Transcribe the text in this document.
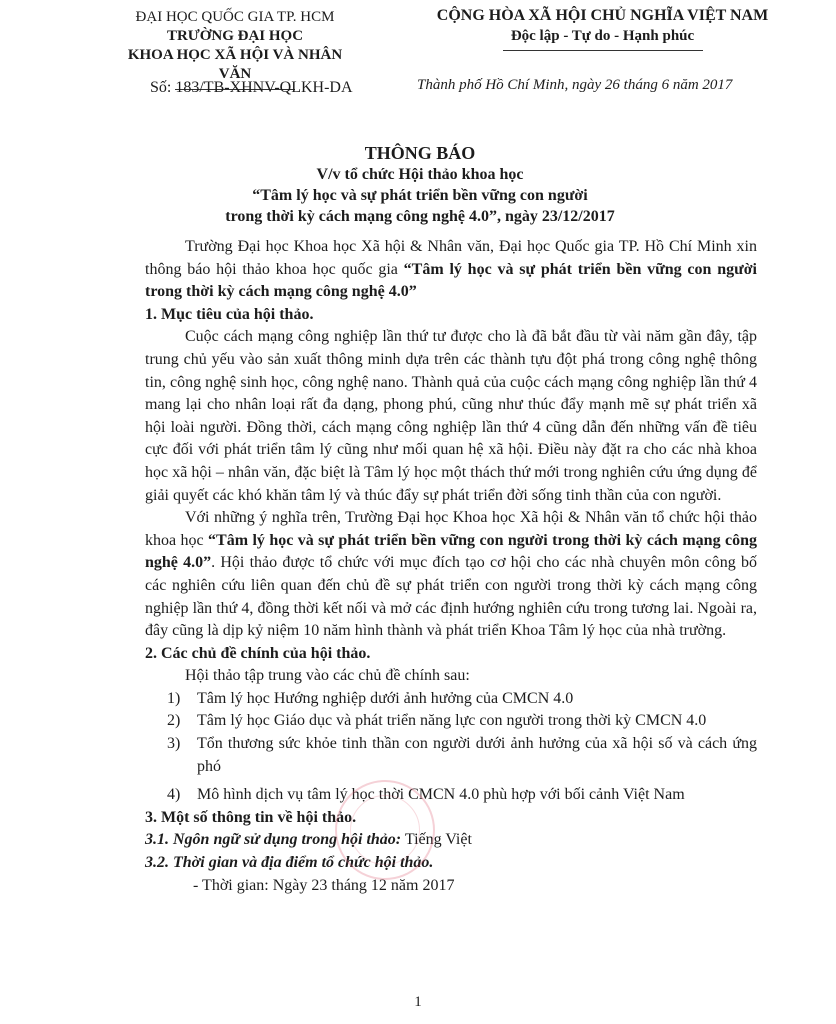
ĐẠI HỌC QUỐC GIA TP. HCM
TRƯỜNG ĐẠI HỌC
KHOA HỌC XÃ HỘI VÀ NHÂN VĂN
CỘNG HÒA XÃ HỘI CHỦ NGHĨA VIỆT NAM
Độc lập - Tự do - Hạnh phúc
Số: 183/TB-XHNV-QLKH-DA	Thành phố Hồ Chí Minh, ngày 26 tháng 6 năm 2017
THÔNG BÁO
V/v tổ chức Hội thảo khoa học
“Tâm lý học và sự phát triển bền vững con người
trong thời kỳ cách mạng công nghệ 4.0”, ngày 23/12/2017

Trường Đại học Khoa học Xã hội & Nhân văn, Đại học Quốc gia TP. Hồ Chí Minh xin thông báo hội thảo khoa học quốc gia “Tâm lý học và sự phát triển bền vững con người trong thời kỳ cách mạng công nghệ 4.0”

1. Mục tiêu của hội thảo.

Cuộc cách mạng công nghiệp lần thứ tư được cho là đã bắt đầu từ vài năm gần đây, tập trung chủ yếu vào sản xuất thông minh dựa trên các thành tựu đột phá trong công nghệ thông tin, công nghệ sinh học, công nghệ nano. Thành quả của cuộc cách mạng công nghiệp lần thứ 4 mang lại cho nhân loại rất đa dạng, phong phú, cũng như thúc đẩy mạnh mẽ sự phát triển xã hội loài người. Đồng thời, cách mạng công nghiệp lần thứ 4 cũng dẫn đến những vấn đề tiêu cực đối với phát triển tâm lý cũng như mối quan hệ xã hội. Điều này đặt ra cho các nhà khoa học xã hội – nhân văn, đặc biệt là Tâm lý học một thách thứ mới trong nghiên cứu ứng dụng để giải quyết các khó khăn tâm lý và thúc đẩy sự phát triển đời sống tinh thần của con người.

Với những ý nghĩa trên, Trường Đại học Khoa học Xã hội & Nhân văn tổ chức hội thảo khoa học “Tâm lý học và sự phát triển bền vững con người trong thời kỳ cách mạng công nghệ 4.0”. Hội thảo được tổ chức với mục đích tạo cơ hội cho các nhà chuyên môn công bố các nghiên cứu liên quan đến chủ đề sự phát triển con người trong thời kỳ cách mạng công nghiệp lần thứ 4, đồng thời kết nối và mở các định hướng nghiên cứu trong tương lai. Ngoài ra, đây cũng là dịp kỷ niệm 10 năm hình thành và phát triển Khoa Tâm lý học của nhà trường.

2. Các chủ đề chính của hội thảo.

Hội thảo tập trung vào các chủ đề chính sau:

1)	Tâm lý học Hướng nghiệp dưới ảnh hưởng của CMCN 4.0
2)	Tâm lý học Giáo dục và phát triển năng lực con người trong thời kỳ CMCN 4.0
3)	Tổn thương sức khỏe tinh thần con người dưới ảnh hưởng của xã hội số và cách ứng phó
4)	Mô hình dịch vụ tâm lý học thời CMCN 4.0 phù hợp với bối cảnh Việt Nam

3. Một số thông tin về hội thảo.

3.1. Ngôn ngữ sử dụng trong hội thảo: Tiếng Việt

3.2. Thời gian và địa điểm tổ chức hội thảo.

- Thời gian: Ngày 23 tháng 12 năm 2017

1
